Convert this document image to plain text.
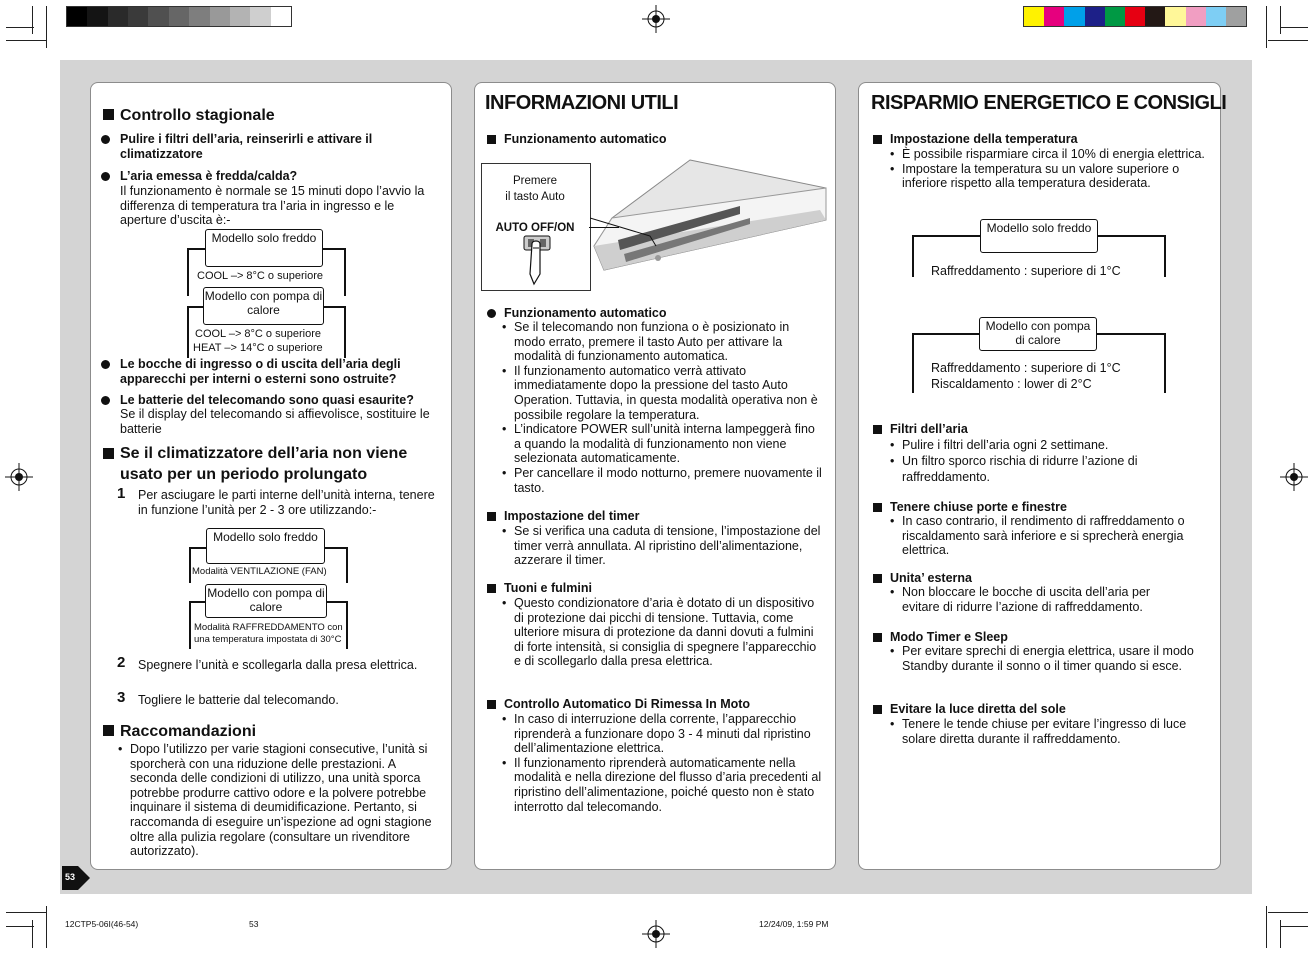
53
Controllo stagionale
Pulire i filtri dell’aria, reinserirli e attivare il climatizzatore
L’aria emessa è fredda/calda?
Il funzionamento è normale se 15 minuti dopo l’avvio la differenza di temperatura tra l’aria in ingresso e le aperture d’uscita è:-
Modello solo freddo
COOL –> 8°C o superiore
Modello con pompa di calore
COOL –> 8°C o superiore
HEAT –> 14°C o superiore
Le bocche di ingresso o di uscita dell’aria degli apparecchi per interni o esterni sono ostruite?
Le batterie del telecomando sono quasi esaurite?
Se il display del telecomando si affievolisce, sostituire le batterie
Se il climatizzatore dell’aria non viene usato per un periodo prolungato
1 Per asciugare le parti interne dell’unità interna, tenere in funzione l’unità per 2 - 3 ore utilizzando:-
Modello solo freddo
Modalità VENTILAZIONE (FAN)
Modello con pompa di calore
Modalità RAFFREDDAMENTO con
una temperatura impostata di 30°C
2 Spegnere l’unità e scollegarla dalla presa elettrica.
3 Togliere le batterie dal telecomando.
Raccomandazioni
• Dopo l’utilizzo per varie stagioni consecutive, l’unità si sporcherà con una riduzione delle prestazioni. A seconda delle condizioni di utilizzo, una unità sporca potrebbe produrre cattivo odore e la polvere potrebbe inquinare il sistema di deumidificazione. Pertanto, si raccomanda di eseguire un’ispezione ad ogni stagione oltre alla pulizia regolare (consultare un rivenditore autorizzato).
INFORMAZIONI UTILI
Funzionamento automatico
Premere
il tasto Auto
AUTO OFF/ON
Funzionamento automatico
• Se il telecomando non funziona o è posizionato in modo errato, premere il tasto Auto per attivare la modalità di funzionamento automatica.
• Il funzionamento automatico verrà attivato immediatamente dopo la pressione del tasto Auto Operation. Tuttavia, in questa modalità operativa non è possibile regolare la temperatura.
• L’indicatore POWER sull’unità interna lampeggerà fino a quando la modalità di funzionamento non viene selezionata automaticamente.
• Per cancellare il modo notturno, premere nuovamente il tasto.
Impostazione del timer
• Se si verifica una caduta di tensione, l’impostazione del timer verrà annullata. Al ripristino dell’alimentazione, azzerare il timer.
Tuoni e fulmini
• Questo condizionatore d’aria è dotato di un dispositivo di protezione dai picchi di tensione. Tuttavia, come ulteriore misura di protezione da danni dovuti a fulmini di forte intensità, si consiglia di spegnere l’apparecchio e di scollegarlo dalla presa elettrica.
Controllo Automatico Di Rimessa In Moto
• In caso di interruzione della corrente, l’apparecchio riprenderà a funzionare dopo 3 - 4 minuti dal ripristino dell’alimentazione elettrica.
• Il funzionamento riprenderà automaticamente nella modalità e nella direzione del flusso d’aria precedenti al ripristino dell’alimentazione, poiché questo non è stato interrotto dal telecomando.
RISPARMIO ENERGETICO E CONSIGLI
Impostazione della temperatura
• È possibile risparmiare circa il 10% di energia elettrica.
• Impostare la temperatura su un valore superiore o inferiore rispetto alla temperatura desiderata.
Modello solo freddo
Raffreddamento : superiore di 1°C
Modello con pompa di calore
Raffreddamento : superiore di 1°C
Riscaldamento : lower di 2°C
Filtri dell’aria
• Pulire i filtri dell’aria ogni 2 settimane.
• Un filtro sporco rischia di ridurre l’azione di raffreddamento.
Tenere chiuse porte e finestre
• In caso contrario, il rendimento di raffreddamento o riscaldamento sarà inferiore e si sprecherà energia elettrica.
Unita’ esterna
• Non bloccare le bocche di uscita dell’aria per evitare di ridurre l’azione di raffreddamento.
Modo Timer e Sleep
• Per evitare sprechi di energia elettrica, usare il modo Standby durante il sonno o il timer quando si esce.
Evitare la luce diretta del sole
• Tenere le tende chiuse per evitare l’ingresso di luce solare diretta durante il raffreddamento.
12CTP5-06I(46-54)	53	12/24/09, 1:59 PM
